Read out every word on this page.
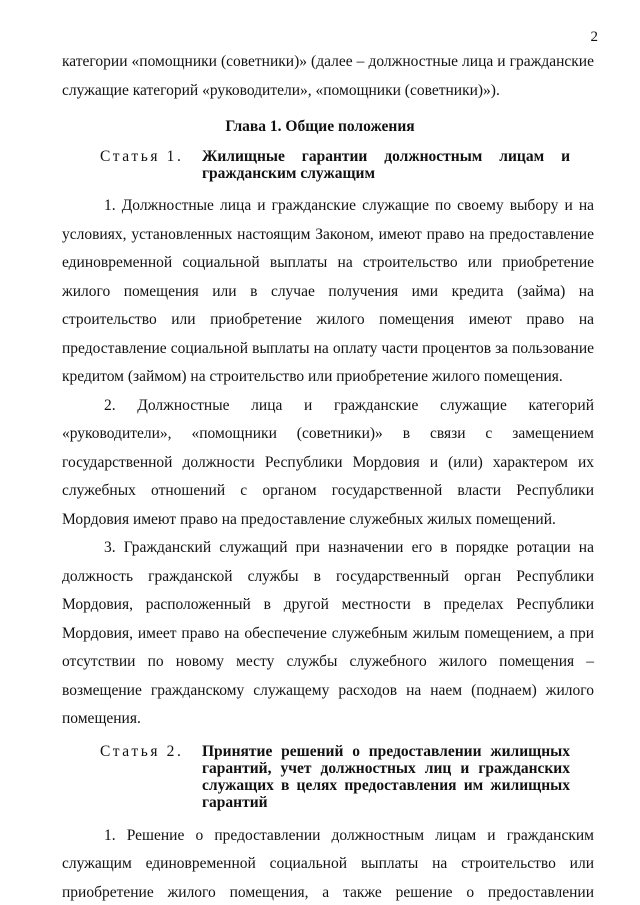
2
категории «помощники (советники)» (далее – должностные лица и гражданские
служащие категорий «руководители», «помощники (советники)»).
Глава 1. Общие положения
Статья 1. Жилищные гарантии должностным лицам и
гражданским служащим
1. Должностные лица и гражданские служащие по своему выбору и на
условиях, установленных настоящим Законом, имеют право на предоставление
единовременной социальной выплаты на строительство или приобретение
жилого помещения или в случае получения ими кредита (займа) на
строительство или приобретение жилого помещения имеют право на
предоставление социальной выплаты на оплату части процентов за пользование
кредитом (займом) на строительство или приобретение жилого помещения.
2. Должностные лица и гражданские служащие категорий
«руководители», «помощники (советники)» в связи с замещением
государственной должности Республики Мордовия и (или) характером их
служебных отношений с органом государственной власти Республики
Мордовия имеют право на предоставление служебных жилых помещений.
3. Гражданский служащий при назначении его в порядке ротации на
должность гражданской службы в государственный орган Республики
Мордовия, расположенный в другой местности в пределах Республики
Мордовия, имеет право на обеспечение служебным жилым помещением, а при
отсутствии по новому месту службы служебного жилого помещения –
возмещение гражданскому служащему расходов на наем (поднаем) жилого
помещения.
Статья 2. Принятие решений о предоставлении жилищных
гарантий, учет должностных лиц и гражданских
служащих в целях предоставления им жилищных
гарантий
1. Решение о предоставлении должностным лицам и гражданским
служащим единовременной социальной выплаты на строительство или
приобретение жилого помещения, а также решение о предоставлении
